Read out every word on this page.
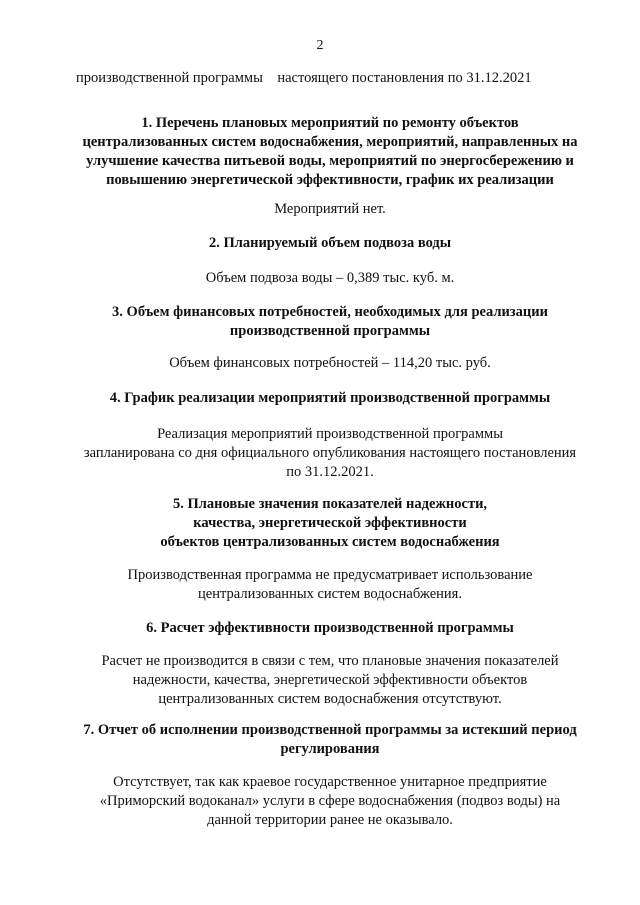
2
производственной программы    настоящего постановления по 31.12.2021
1. Перечень плановых мероприятий по ремонту объектов
централизованных систем водоснабжения, мероприятий, направленных на
улучшение качества питьевой воды, мероприятий по энергосбережению и
повышению энергетической эффективности, график их реализации
Мероприятий нет.
2. Планируемый объем подвоза воды
Объем подвоза воды – 0,389 тыс. куб. м.
3. Объем финансовых потребностей, необходимых для реализации
производственной программы
Объем финансовых потребностей – 114,20 тыс. руб.
4. График реализации мероприятий производственной программы
Реализация мероприятий производственной программы
запланирована со дня официального опубликования настоящего постановления
по 31.12.2021.
5. Плановые значения показателей надежности,
качества, энергетической эффективности
объектов централизованных систем водоснабжения
Производственная программа не предусматривает использование
централизованных систем водоснабжения.
6. Расчет эффективности производственной программы
Расчет не производится в связи с тем, что плановые значения показателей
надежности, качества, энергетической эффективности объектов
централизованных систем водоснабжения отсутствуют.
7. Отчет об исполнении производственной программы за истекший период
регулирования
Отсутствует, так как краевое государственное унитарное предприятие
«Приморский водоканал» услуги в сфере водоснабжения (подвоз воды) на
данной территории ранее не оказывало.
